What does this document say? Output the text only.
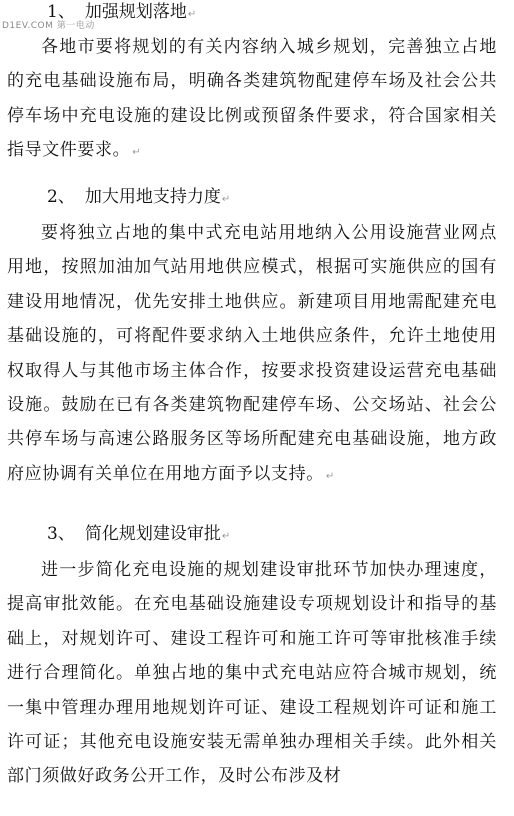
D1EV.COM 第一电动
1、 加强规划落地↵
各地市要将规划的有关内容纳入城乡规划，完善独立占地的充电基础设施布局，明确各类建筑物配建停车场及社会公共停车场中充电设施的建设比例或预留条件要求，符合国家相关指导文件要求。 ↵
2、 加大用地支持力度↵
要将独立占地的集中式充电站用地纳入公用设施营业网点用地，按照加油加气站用地供应模式，根据可实施供应的国有建设用地情况，优先安排土地供应。新建项目用地需配建充电基础设施的，可将配件要求纳入土地供应条件，允许土地使用权取得人与其他市场主体合作，按要求投资建设运营充电基础设施。鼓励在已有各类建筑物配建停车场、公交场站、社会公共停车场与高速公路服务区等场所配建充电基础设施，地方政府应协调有关单位在用地方面予以支持。 ↵
3、 简化规划建设审批↵
进一步简化充电设施的规划建设审批环节加快办理速度，提高审批效能。在充电基础设施建设专项规划设计和指导的基础上，对规划许可、建设工程许可和施工许可等审批核准手续进行合理简化。单独占地的集中式充电站应符合城市规划，统一集中管理办理用地规划许可证、建设工程规划许可证和施工许可证；其他充电设施安装无需单独办理相关手续。此外相关部门须做好政务公开工作，及时公布涉及材
